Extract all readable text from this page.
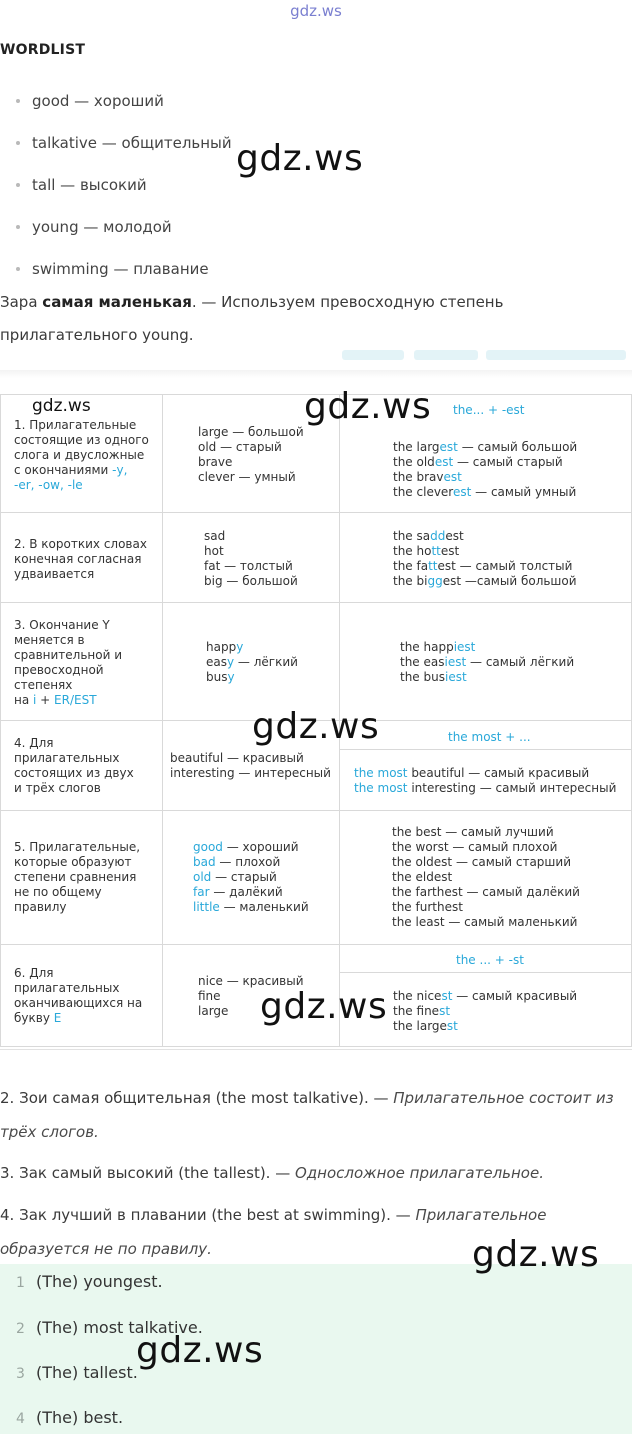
gdz.ws
WORDLIST
good — хороший
talkative — общительный
tall — высокий
young — молодой
swimming — плавание
Зара самая маленькая. — Используем превосходную степень
прилагательного young.
the... + -est
the most + ...
the ... + -st
1. Прилагательные
состоящие из одного
слога и двусложные
с окончаниями -y,
-er, -ow, -le
large — большой
old — старый
brave
clever — умный
the largest — самый большой
the oldest — самый старый
the bravest
the cleverest — самый умный
2. В коротких словах
конечная согласная
удваивается
sad
hot
fat — толстый
big — большой
the saddest
the hottest
the fattest — самый толстый
the biggest —самый большой
3. Окончание Y
меняется в
сравнительной и
превосходной
степенях
на i + ER/EST
happy
easy — лёгкий
busy
the happiest
the easiest — самый лёгкий
the busiest
4. Для
прилагательных
состоящих из двух
и трёх слогов
beautiful — красивый
interesting — интересный the most beautiful — самый красивый
the most interesting — самый интересный
5. Прилагательные,
которые образуют
степени сравнения
не по общему
правилу
good — хороший
bad — плохой
old — старый
far — далёкий
little — маленький
the best — самый лучший
the worst — самый плохой
the oldest — самый старший
the eldest
the farthest — самый далёкий
the furthest
the least — самый маленький
6. Для
прилагательных
оканчивающихся на
букву E
nice — красивый
fine
large
the nicest — самый красивый
the finest
the largest
2. Зои самая общительная (the most talkative). — Прилагательное состоит из
трёх слогов.
3. Зак самый высокий (the tallest). — Односложное прилагательное.
4. Зак лучший в плавании (the best at swimming). — Прилагательное
образуется не по правилу.
1 (The) youngest.
2 (The) most talkative.
3 (The) tallest.
4 (The) best.
gdz.ws
gdz.ws	gdz.ws
gdz.ws
gdz.ws
gdz.ws
gdz.ws
